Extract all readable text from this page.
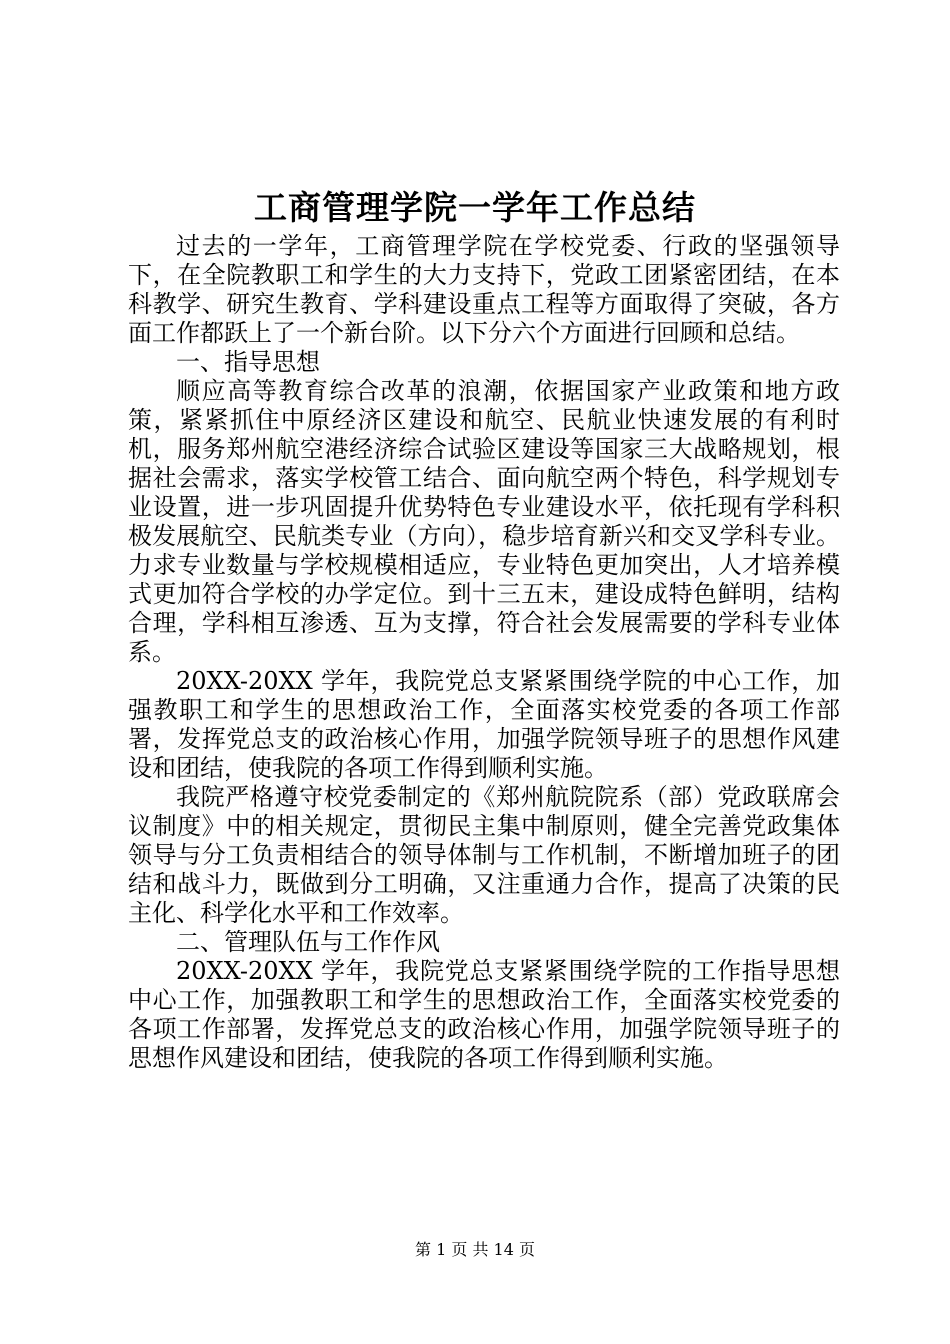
工商管理学院一学年工作总结

过去的一学年，工商管理学院在学校党委、行政的坚强领导下，在全院教职工和学生的大力支持下，党政工团紧密团结，在本科教学、研究生教育、学科建设重点工程等方面取得了突破，各方面工作都跃上了一个新台阶。以下分六个方面进行回顾和总结。

一、指导思想

顺应高等教育综合改革的浪潮，依据国家产业政策和地方政策，紧紧抓住中原经济区建设和航空、民航业快速发展的有利时机，服务郑州航空港经济综合试验区建设等国家三大战略规划，根据社会需求，落实学校管工结合、面向航空两个特色，科学规划专业设置，进一步巩固提升优势特色专业建设水平，依托现有学科积极发展航空、民航类专业（方向），稳步培育新兴和交叉学科专业。力求专业数量与学校规模相适应，专业特色更加突出，人才培养模式更加符合学校的办学定位。到十三五末，建设成特色鲜明，结构合理，学科相互渗透、互为支撑，符合社会发展需要的学科专业体系。

20XX-20XX 学年，我院党总支紧紧围绕学院的中心工作，加强教职工和学生的思想政治工作，全面落实校党委的各项工作部署，发挥党总支的政治核心作用，加强学院领导班子的思想作风建设和团结，使我院的各项工作得到顺利实施。

我院严格遵守校党委制定的《郑州航院院系（部）党政联席会议制度》中的相关规定，贯彻民主集中制原则，健全完善党政集体领导与分工负责相结合的领导体制与工作机制，不断增加班子的团结和战斗力，既做到分工明确，又注重通力合作，提高了决策的民主化、科学化水平和工作效率。

二、管理队伍与工作作风

20XX-20XX 学年，我院党总支紧紧围绕学院的工作指导思想中心工作，加强教职工和学生的思想政治工作，全面落实校党委的各项工作部署，发挥党总支的政治核心作用，加强学院领导班子的思想作风建设和团结，使我院的各项工作得到顺利实施。

第 1 页 共 14 页
